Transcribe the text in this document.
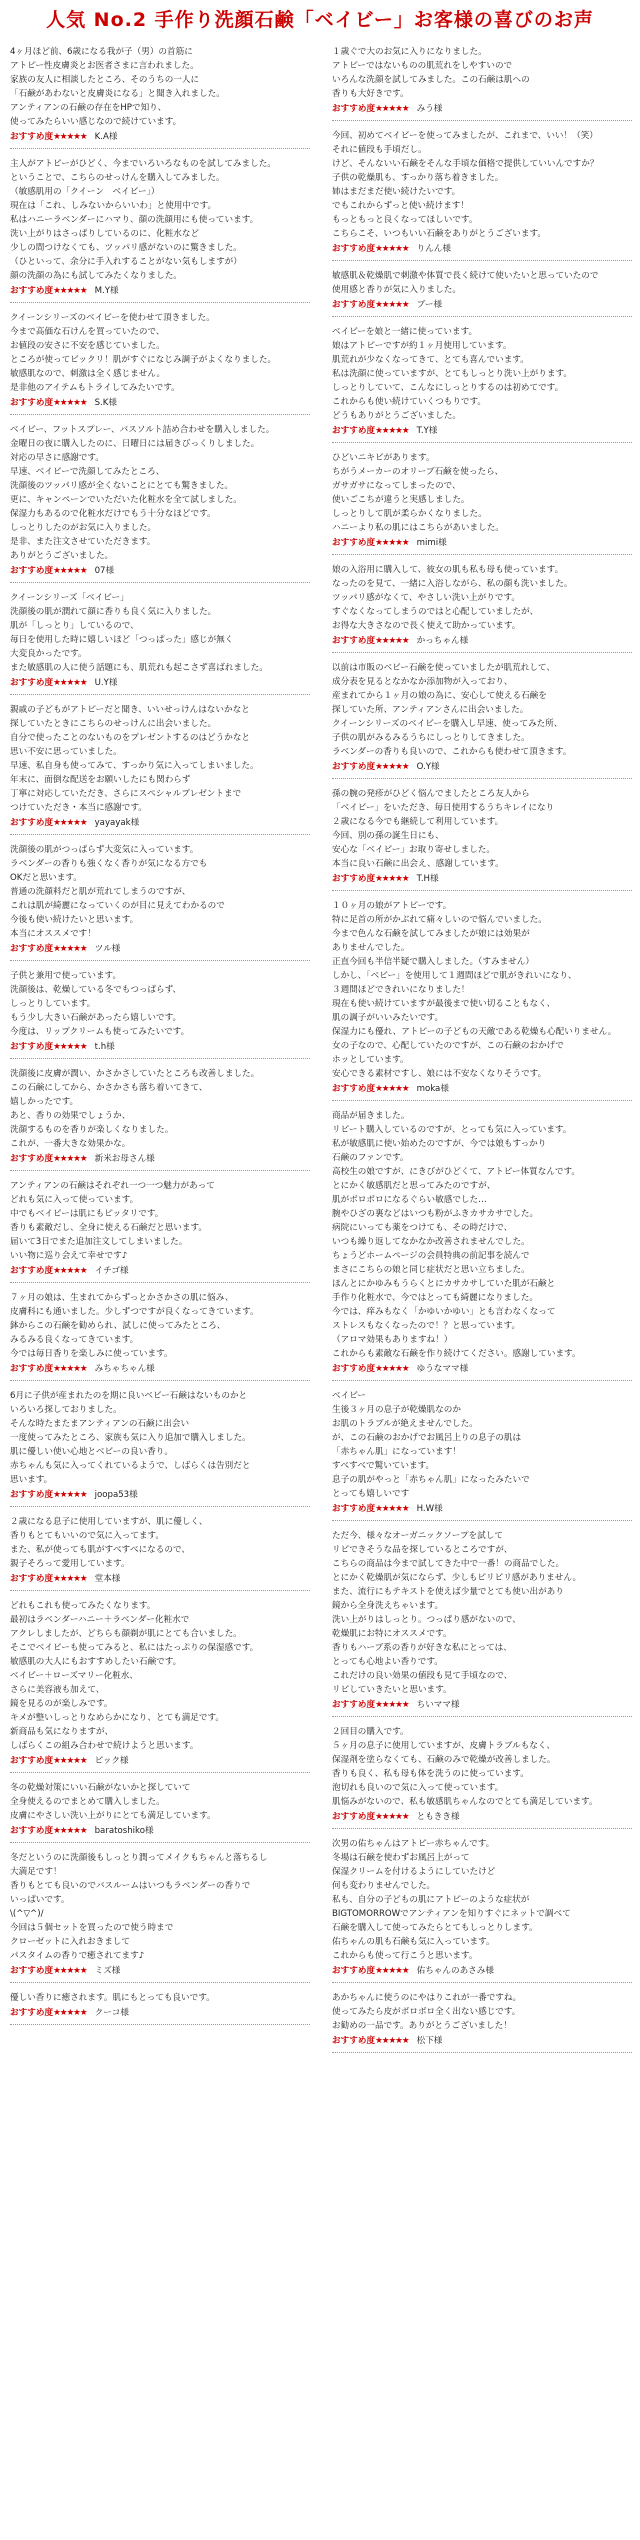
人気 No.2 手作り洗顔石鹸「ベイビー」お客様の喜びのお声

4ヶ月ほど前、6歳になる我が子（男）の首筋に

アトピー性皮膚炎とお医者さまに言われました。

家族の友人に相談したところ、そのうちの一人に

「石鹸があわないと皮膚炎になる」と聞き入れました。

アンティアンの石鹸の存在をHPで知り、

使ってみたらいい感じなので続けています。

おすすめ度★★★★★ K.A様

主人がアトピーがひどく、今までいろいろなものを試してみました。

ということで、こちらのせっけんを購入してみました。

（敏感肌用の「クイーン　ベイビー」）

現在は「これ、しみないからいいわ」と使用中です。

私はハニーラベンダーにハマり、顔の洗顔用にも使っています。

洗い上がりはさっぱりしているのに、化粧水など

少しの間つけなくても、ツッパリ感がないのに驚きました。

（ひといって、余分に手入れすることがない気もしますが）

顔の洗顔の為にも試してみたくなりました。

おすすめ度★★★★★ M.Y様

クイーンシリーズのベイビーを使わせて頂きました。

今まで高価な石けんを買っていたので、

お値段の安さに不安を感じていました。

ところが使ってビックリ！肌がすぐになじみ調子がよくなりました。

敏感肌なので、刺激は全く感じません。

是非他のアイテムもトライしてみたいです。

おすすめ度★★★★★ S.K様

ベイビー、フットスプレー、バスソルト詰め合わせを購入しました。

金曜日の夜に購入したのに、日曜日には届きびっくりしました。

対応の早さに感謝です。

早速、ベイビーで洗顔してみたところ、

洗顔後のツッパリ感が全くないことにとても驚きました。

更に、キャンペーンでいただいた化粧水を全て試しました。

保湿力もあるので化粧水だけでもう十分なほどです。

しっとりしたのがお気に入りました。

是非、また注文させていただきます。

ありがとうございました。

おすすめ度★★★★★ 07様

クイーンシリーズ「ベイビー」

洗顔後の肌が潤れて顔に香りも良く気に入りました。

肌が「しっとり」しているので、

毎日を使用した時に嬉しいほど「つっぱった」感じが無く

大変良かったです。

また敏感肌の人に使う話題にも、肌荒れも起こさず喜ばれました。

おすすめ度★★★★★ U.Y様

親戚の子どもがアトピーだと聞き、いいせっけんはないかなと

探していたときにこちらのせっけんに出会いました。

自分で使ったことのないものをプレゼントするのはどうかなと

思い不安に思っていました。

早速、私自身も使ってみて、すっかり気に入ってしまいました。

年末に、面倒な配送をお願いしたにも関わらず

丁寧に対応していただき、さらにスペシャルプレゼントまで

つけていただき・本当に感謝です。

おすすめ度★★★★★ yayayak様

洗顔後の肌がつっぱらず大変気に入っています。

ラベンダーの香りも強くなく香りが気になる方でも

OKだと思います。

普通の洗顔料だと肌が荒れてしまうのですが、

これは肌が綺麗になっていくのが目に見えてわかるので

今後も使い続けたいと思います。

本当にオススメです！

おすすめ度★★★★★ ツル様

子供と兼用で使っています。

洗顔後は、乾燥している冬でもつっぱらず、

しっとりしています。

もう少し大きい石鹸があったら嬉しいです。

今度は、リップクリームも使ってみたいです。

おすすめ度★★★★★ t.h様

洗顔後に皮膚が潤い、かさかさしていたところも改善しました。

この石鹸にしてから、かさかさも落ち着いてきて、

嬉しかったです。

あと、香りの効果でしょうか、

洗顔するものを香りが楽しくなりました。

これが、一番大きな効果かな。

おすすめ度★★★★★ 新米お母さん様

アンティアンの石鹸はそれぞれ一つ一つ魅力があって

どれも気に入って使っています。

中でもベイビーは肌にもピッタリです。

香りも素敵だし、全身に使える石鹸だと思います。

届いて3日でまた追加注文してしまいました。

いい物に巡り会えて幸せです♪

おすすめ度★★★★★ イチゴ様

７ヶ月の娘は、生まれてからずっとかさかさの肌に悩み、

皮膚科にも通いました。少しずつですが良くなってきています。

鉢からこの石鹸を勧められ、試しに使ってみたところ、

みるみる良くなってきています。

今では毎日香りを楽しみに使っています。

おすすめ度★★★★★ みちゃちゃん様

6月に子供が産まれたのを期に良いベビー石鹸はないものかと

いろいろ探しておりました。

そんな時たまたまアンティアンの石鹸に出会い

一度使ってみたところ、家族も気に入り追加で購入しました。

肌に優しい使い心地とベビーの良い香り。

赤ちゃんも気に入ってくれているようで、しばらくは告別だと

思います。

おすすめ度★★★★★ joopa53様

２歳になる息子に使用していますが、肌に優しく、

香りもとてもいいので気に入ってます。

また、私が使っても肌がすべすべになるので、

親子そろって愛用しています。

おすすめ度★★★★★ 堂本様

どれもこれも使ってみたくなります。

最初はラベンダーハニー＋ラベンダー化粧水で

アクレしましたが、どちらも顔剃が肌にとても合いました。

そこでベイビーも使ってみると、私にはたっぷりの保湿感です。

敏感肌の大人にもおすすめしたい石鹸です。

ベイビー＋ローズマリー化粧水、

さらに美容液も加えて、

鏡を見るのが楽しみです。

キメが整いしっとりなめらかになり、とても満足です。

新商品も気になりますが、

しばらくこの組み合わせで続けようと思います。

おすすめ度★★★★★ ピック様

冬の乾燥対策にいい石鹸がないかと探していて

全身使えるのでまとめて購入しました。

皮膚にやさしい洗い上がりにとても満足しています。

おすすめ度★★★★★ baratoshiko様

冬だというのに洗顔後もしっとり潤ってメイクもちゃんと落ちるし

大満足です！

香りもとても良いのでバスルームはいつもラベンダーの香りで

いっぱいです。

\(^▽^)/

今回は５個セットを買ったので使う時まで

クローゼットに入れおきまして

パスタイムの香りで癒されてます♪

おすすめ度★★★★★ ミズ様

優しい香りに癒されます。肌にもとっても良いです。

おすすめ度★★★★★ クーコ様

１歳ぐで大のお気に入りになりました。

アトピーではないものの肌荒れをしやすいので

いろんな洗顔を試してみました。この石鹸は肌への

香りも大好きです。

おすすめ度★★★★★ みう様

今回、初めてベイビーを使ってみましたが、これまで、いい！（笑）

それに値段も手頃だし。

けど、そんないい石鹸をそんな手頃な価格で提供していいんですか？

子供の乾燥肌も、すっかり落ち着きました。

姉はまだまだ使い続けたいです。

でもこれからずっと使い続けます！

もっともっと良くなってほしいです。

こちらこそ、いつもいい石鹸をありがとうございます。

おすすめ度★★★★★ りんん様

敏感肌＆乾燥肌で刺激や体質で長く続けて使いたいと思っていたので

使用感と香りが気に入りました。

おすすめ度★★★★★ ブー様

ベイビーを娘と一緒に使っています。

娘はアトピーですが約１ヶ月使用しています。

肌荒れが少なくなってきて、とても喜んでいます。

私は洗顔に使っていますが、とてもしっとり洗い上がります。

しっとりしていて、こんなにしっとりするのは初めてです。

これからも使い続けていくつもりです。

どうもありがとうございました。

おすすめ度★★★★★ T.Y様

ひどいニキビがあります。

ちがうメーカーのオリーブ石鹸を使ったら、

ガサガサになってしまったので、

使いごこちが違うと実感しました。

しっとりして肌が柔らかくなりました。

ハニーより私の肌にはこちらがあいました。

おすすめ度★★★★★ mimi様

娘の入浴用に購入して、彼女の肌も私も母も使っています。

なったのを見て、一緒に入浴しながら、私の顔も洗いました。

ツッパリ感がなくて、やさしい洗い上がりです。

すぐなくなってしまうのではと心配していましたが、

お得な大きさなので長く使えて助かっています。

おすすめ度★★★★★ かっちゃん様

以前は市販のベビー石鹸を使っていましたが肌荒れして、

成分表を見るとなかなか添加物が入っており、

産まれてから１ヶ月の娘の為に、安心して使える石鹸を

探していた所、アンティアンさんに出会いました。

クイーンシリーズのベイビーを購入し早速、使ってみた所、

子供の肌がみるみるうちにしっとりしてきました。

ラベンダーの香りも良いので、これからも使わせて頂きます。

おすすめ度★★★★★ O.Y様

孫の腕の発疹がひどく悩んでましたところ友人から

「ベイビー」をいただき、毎日使用するうちキレイになり

２歳になる今でも継続して利用しています。

今回、別の孫の誕生日にも、

安心な「ベイビー」お取り寄せしました。

本当に良い石鹸に出会え、感謝しています。

おすすめ度★★★★★ T.H様

１０ヶ月の娘がアトピーです。

特に足首の所がかぶれて痛々しいので悩んでいました。

今まで色んな石鹸を試してみましたが娘には効果が

ありませんでした。

正直今回も半信半疑で購入しました。（すみません）

しかし、「ベビー」を使用して１週間ほどで肌がきれいになり、

３週間ほどできれいになりました！

現在も使い続けていますが最後まで使い切ることもなく、

肌の調子がいいみたいです。

保湿力にも優れ、アトピーの子どもの天敵である乾燥も心配いりません。

女の子なので、心配していたのですが、この石鹸のおかげで

ホッとしています。

安心できる素材ですし、娘には不安なくなりそうです。

おすすめ度★★★★★ moka様

商品が届きました。

リピート購入しているのですが、とっても気に入っています。

私が敏感肌に使い始めたのですが、今では娘もすっかり

石鹸のファンです。

高校生の娘ですが、にきびがひどくて、アトピー体質なんです。

とにかく敏感肌だと思ってみたのですが、

肌がボロボロになるぐらい敏感でした…

腕やひざの裏などはいつも粉がふきカサカサでした。

病院にいっても薬をつけても、その時だけで、

いつも繰り返してなかなか改善されませんでした。

ちょうどホームページの会員特典の前記事を読んで

まさにこちらの娘と同じ症状だと思い立ちました。

ほんとにかゆみもうらくとにカサカサしていた肌が石鹸と

手作り化粧水で、今ではとっても綺麗になりました。

今では、痒みもなく「かゆいかゆい」とも言わなくなって

ストレスもなくなったので！？と思っています。

（アロマ効果もありますね！）

これからも素敵な石鹸を作り続けてください。感謝しています。

おすすめ度★★★★★ ゆうなママ様

ベイビー

生後３ヶ月の息子が乾燥肌なのか

お肌のトラブルが絶えませんでした。

が、この石鹸のおかげでお風呂上りの息子の肌は

「赤ちゃん肌」になっています！

すべすべで驚いています。

息子の肌がやっと「赤ちゃん肌」になったみたいで

とっても嬉しいです

おすすめ度★★★★★ H.W様

ただ今、様々なオーガニックソープを試して

リピできそうな品を探しているところですが、

こちらの商品は今まで試してきた中で一番！の商品でした。

とにかく乾燥肌が気にならず、少しもピリピリ感がありません。

また、流行にもテキストを使えば少量でとても使い出があり

鏡から全身洗えちゃいます。

洗い上がりはしっとり。つっぱり感がないので、

乾燥肌にお特にオススメです。

香りもハーブ系の香りが好きな私にとっては、

とっても心地よい香りです。

これだけの良い効果の値段も見て手頃なので、

リピしていきたいと思います。

おすすめ度★★★★★ ちいママ様

２回目の購入です。

５ヶ月の息子に使用していますが、皮膚トラブルもなく、

保湿剤を塗らなくても、石鹸のみで乾燥が改善しました。

香りも良く、私も母も体を洗うのに使っています。

泡切れも良いので気に入って使っています。

肌悩みがないので、私も敏感肌ちゃんなのでとても満足しています。

おすすめ度★★★★★ ともきき様

次男の佑ちゃんはアトピー赤ちゃんです。

冬場は石鹸を使わずお風呂上がって

保湿クリームを付けるようにしていたけど

何も変わりませんでした。

私も、自分の子どもの肌にアトピーのような症状が

BIGTOMORROWでアンティアンを知りすぐにネットで調べて

石鹸を購入して使ってみたらとてもしっとりします。

佑ちゃんの肌も石鹸も気に入っています。

これからも使って行こうと思います。

おすすめ度★★★★★ 佑ちゃんのあさみ様

あかちゃんに使うのにやはりこれが一番ですね。

使ってみたら皮がボロボロ全く出ない感じです。

お勧めの一品です。ありがとうございました！

おすすめ度★★★★★ 松下様
